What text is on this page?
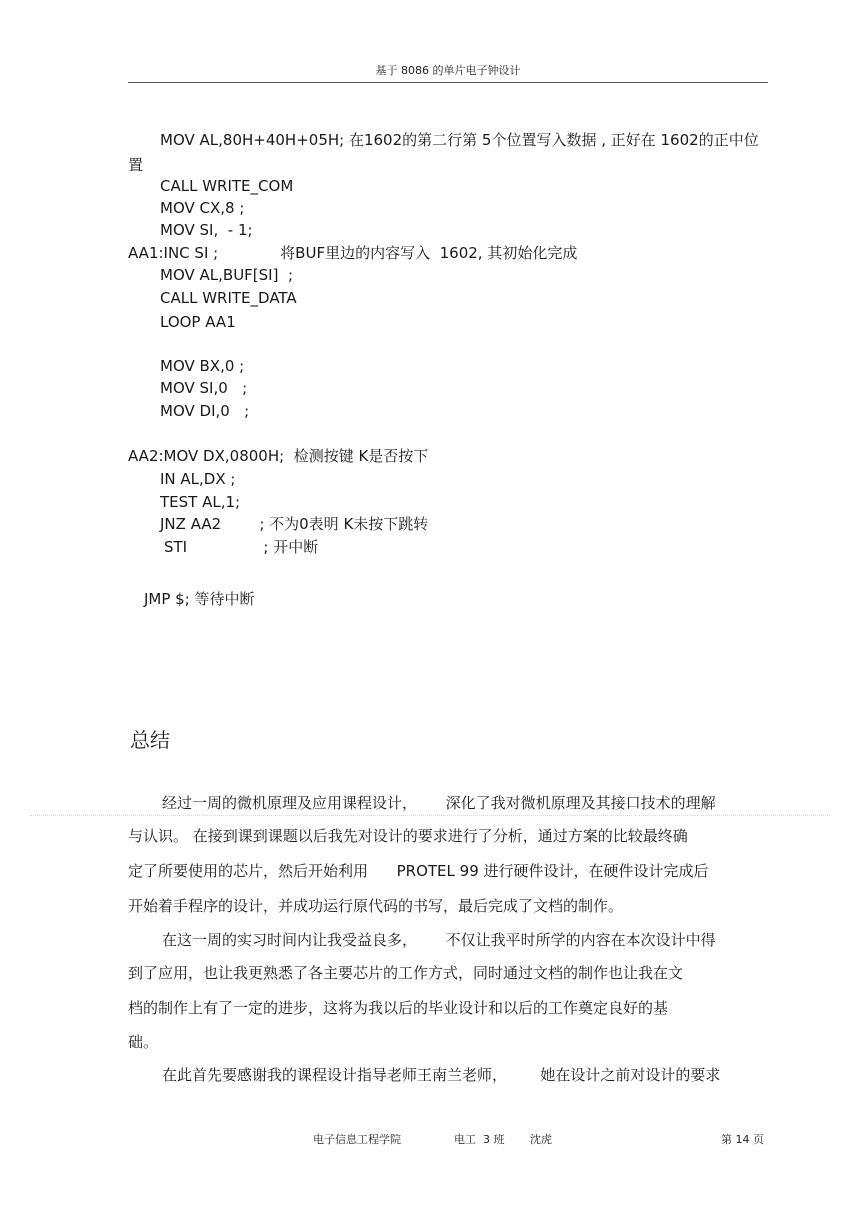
基于 8086 的单片电子钟设计

MOV AL,80H+40H+05H; 在1602的第二行第 5个位置写入数据 , 正好在 1602的正中位

置

CALL WRITE_COM

MOV CX,8 ;

MOV SI,  - 1;

AA1:INC SI ;             将BUF里边的内容写入  1602, 其初始化完成

MOV AL,BUF[SI]  ;

CALL WRITE_DATA

LOOP AA1

MOV BX,0 ;

MOV SI,0   ;

MOV DI,0   ;

AA2:MOV DX,0800H;  检测按键 K是否按下

IN AL,DX ;

TEST AL,1;

JNZ AA2        ; 不为0表明 K未按下跳转

STI                ; 开中断

JMP $; 等待中断

总结
经过一周的微机原理及应用课程设计，      深化了我对微机原理及其接口技术的理解
与认识。 在接到课到课题以后我先对设计的要求进行了分析，通过方案的比较最终确
定了所要使用的芯片，然后开始利用      PROTEL 99 进行硬件设计，在硬件设计完成后
开始着手程序的设计，并成功运行原代码的书写，最后完成了文档的制作。
在这一周的实习时间内让我受益良多，      不仅让我平时所学的内容在本次设计中得
到了应用，也让我更熟悉了各主要芯片的工作方式，同时通过文档的制作也让我在文
档的制作上有了一定的进步，这将为我以后的毕业设计和以后的工作奠定良好的基
础。
在此首先要感谢我的课程设计指导老师王南兰老师，       她在设计之前对设计的要求
电子信息工程学院	电工  3 班 沈虎	第 14 页
